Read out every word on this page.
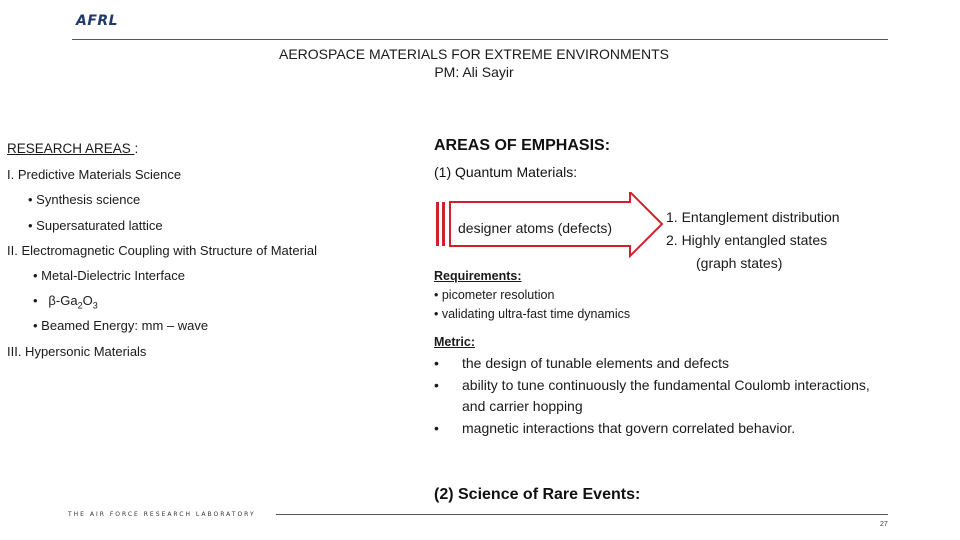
AFRL
AEROSPACE MATERIALS FOR EXTREME ENVIRONMENTS
PM: Ali Sayir
RESEARCH AREAS :
I. Predictive Materials Science
• Synthesis science
• Supersaturated lattice
II. Electromagnetic Coupling with Structure of Material
• Metal-Dielectric Interface
• $\beta-Ga_2O_3$
• Beamed Energy: mm – wave
III. Hypersonic Materials
AREAS OF EMPHASIS:
(1) Quantum Materials:
designer atoms (defects)
1. Entanglement distribution
2. Highly entangled states
(graph states)
Requirements:
• picometer resolution
• validating ultra-fast time dynamics
Metric:
•	the design of tunable elements and defects
•	ability to tune continuously the fundamental Coulomb interactions, and carrier hopping
•	magnetic interactions that govern correlated behavior.
(2) Science of Rare Events:
THE AIR FORCE RESEARCH LABORATORY
27
